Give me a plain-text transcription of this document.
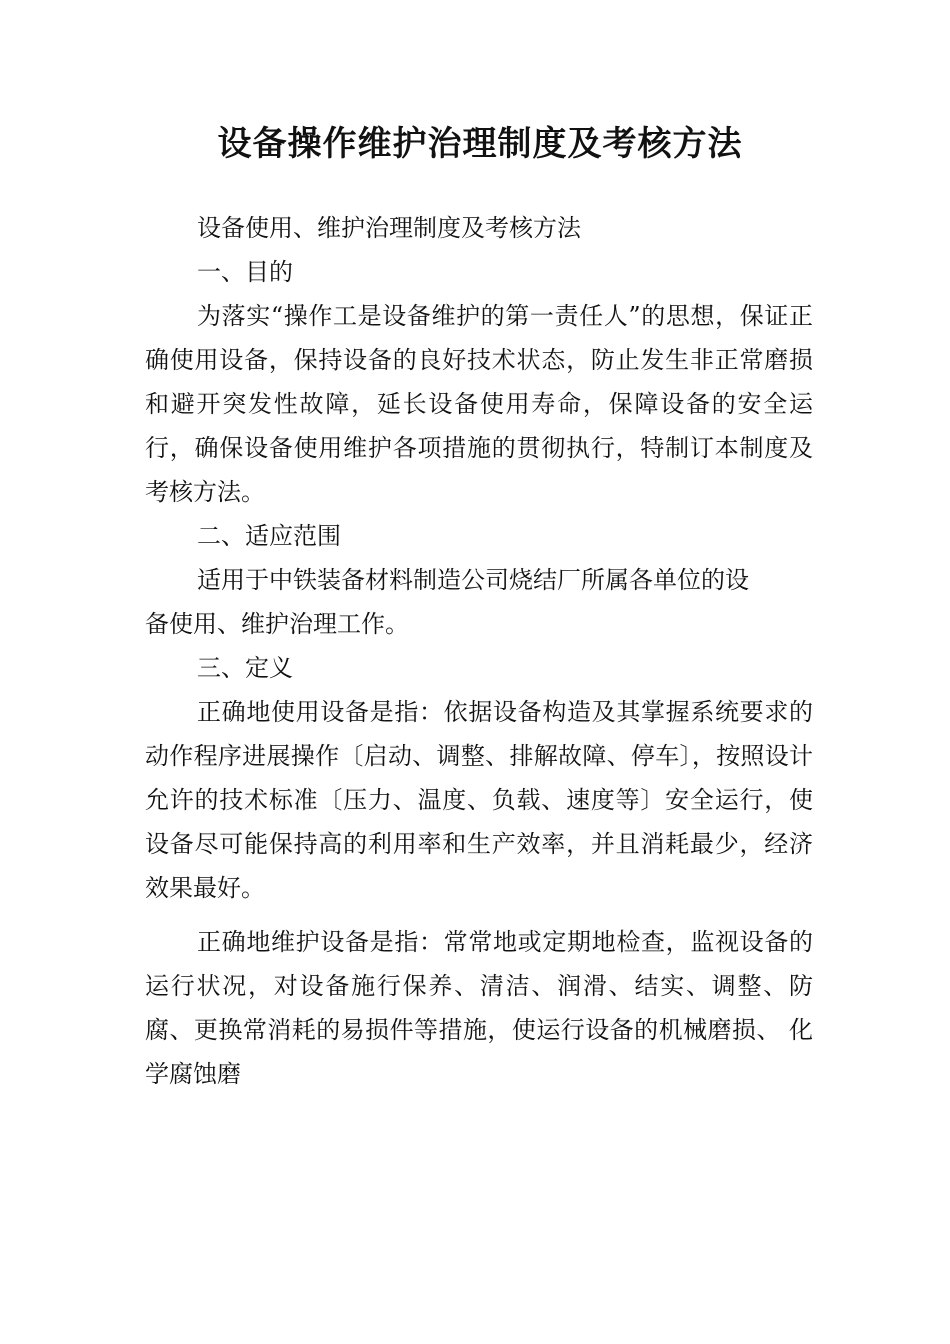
设备操作维护治理制度及考核方法

设备使用、维护治理制度及考核方法

一、目的

为落实“操作工是设备维护的第一责任人”的思想，保证正确使用设备，保持设备的良好技术状态，防止发生非正常磨损和避开突发性故障，延长设备使用寿命，保障设备的安全运行，确保设备使用维护各项措施的贯彻执行，特制订本制度及考核方法。

二、适应范围

适用于中铁装备材料制造公司烧结厂所属各单位的设
备使用、维护治理工作。

三、定义

正确地使用设备是指：依据设备构造及其掌握系统要求的动作程序进展操作〔启动、调整、排解故障、停车〕，按照设计允许的技术标准〔压力、温度、负载、速度等〕安全运行，使设备尽可能保持高的利用率和生产效率，并且消耗最少，经济效果最好。

正确地维护设备是指：常常地或定期地检查，监视设备的运行状况，对设备施行保养、清洁、润滑、结实、调整、防腐、更换常消耗的易损件等措施，使运行设备的机械磨损、 化学腐蚀磨
